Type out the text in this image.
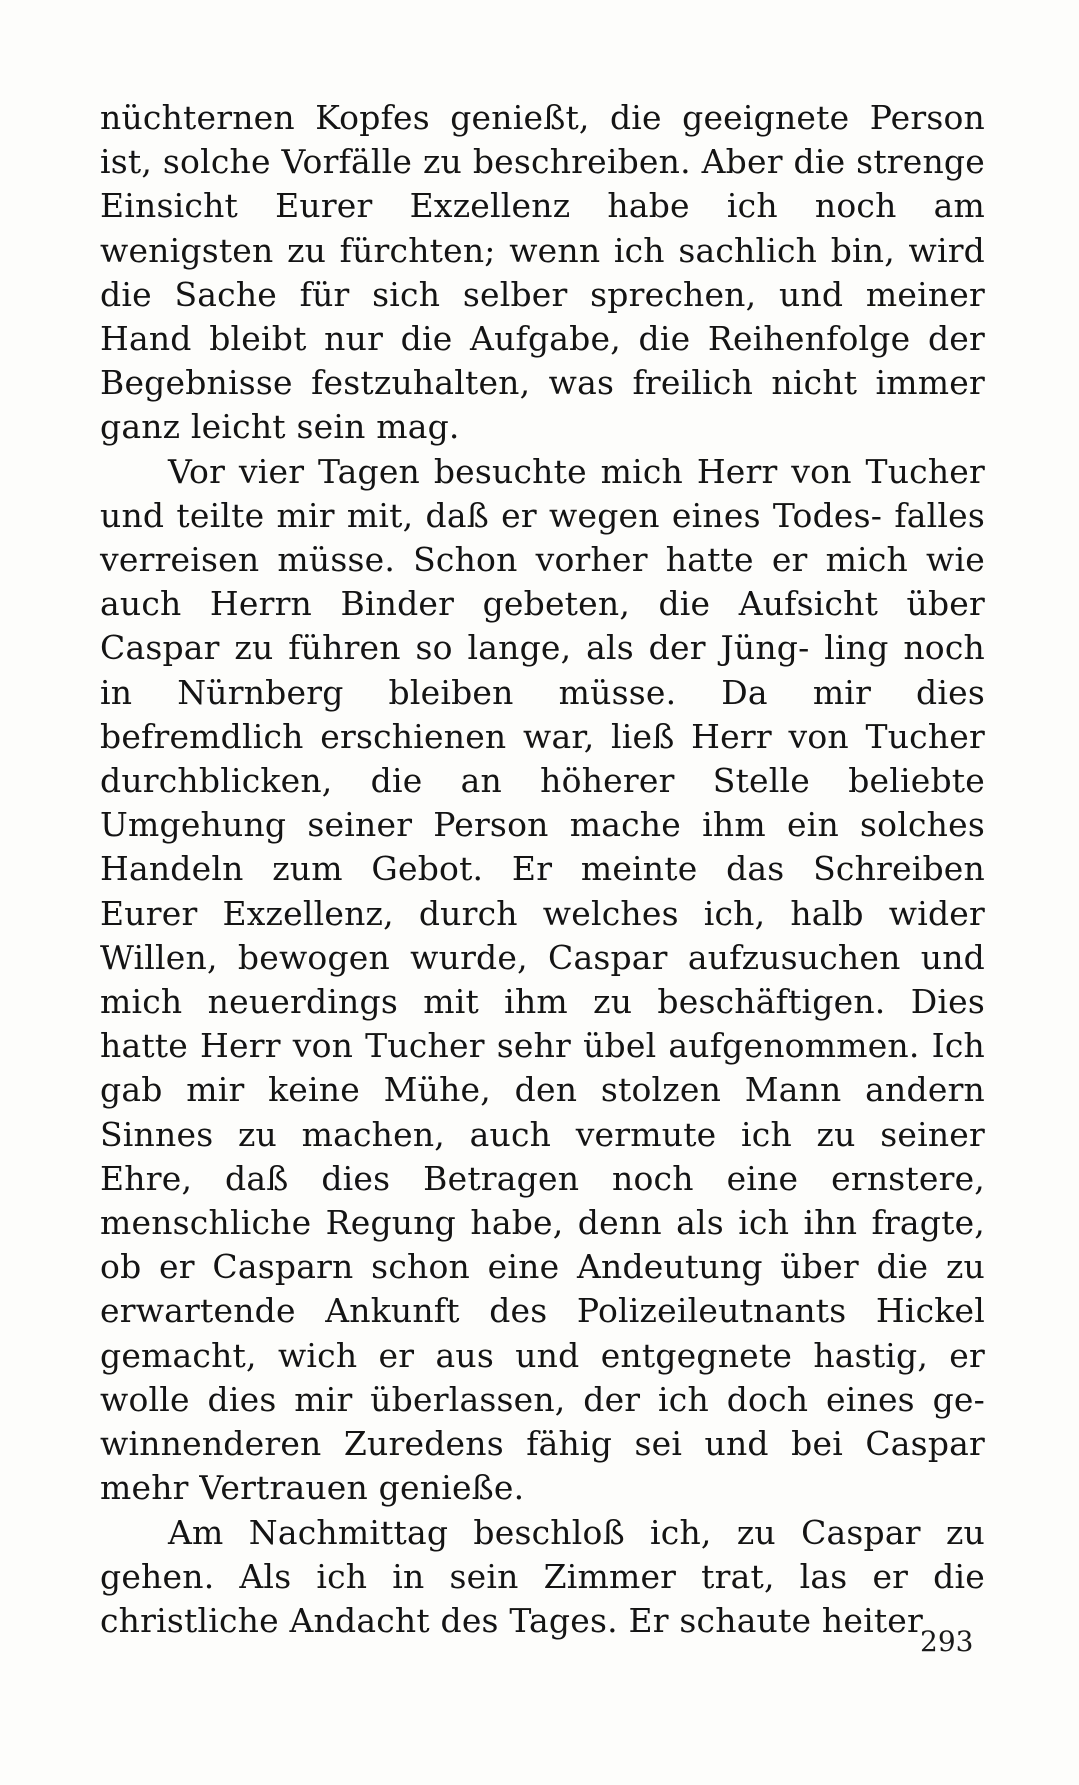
nüchternen Kopfes genießt, die geeignete Person ist, solche Vorfälle zu beschreiben. Aber die strenge Einsicht Eurer Exzellenz habe ich noch am wenigsten zu fürchten; wenn ich sachlich bin, wird die Sache für sich selber sprechen, und meiner Hand bleibt nur die Aufgabe, die Reihenfolge der Begebnisse festzuhalten, was freilich nicht immer ganz leicht sein mag.

Vor vier Tagen besuchte mich Herr von Tucher und teilte mir mit, daß er wegen eines Todes- falles verreisen müsse. Schon vorher hatte er mich wie auch Herrn Binder gebeten, die Aufsicht über Caspar zu führen so lange, als der Jüng- ling noch in Nürnberg bleiben müsse. Da mir dies befremdlich erschienen war, ließ Herr von Tucher durchblicken, die an höherer Stelle beliebte Umgehung seiner Person mache ihm ein solches Handeln zum Gebot. Er meinte das Schreiben Eurer Exzellenz, durch welches ich, halb wider Willen, bewogen wurde, Caspar aufzusuchen und mich neuerdings mit ihm zu beschäftigen. Dies hatte Herr von Tucher sehr übel aufgenommen. Ich gab mir keine Mühe, den stolzen Mann andern Sinnes zu machen, auch vermute ich zu seiner Ehre, daß dies Betragen noch eine ernstere, menschliche Regung habe, denn als ich ihn fragte, ob er Casparn schon eine Andeutung über die zu erwartende Ankunft des Polizeileutnants Hickel gemacht, wich er aus und entgegnete hastig, er wolle dies mir überlassen, der ich doch eines ge- winnenderen Zuredens fähig sei und bei Caspar mehr Vertrauen genieße.

Am Nachmittag beschloß ich, zu Caspar zu gehen. Als ich in sein Zimmer trat, las er die christliche Andacht des Tages. Er schaute heiter

293
